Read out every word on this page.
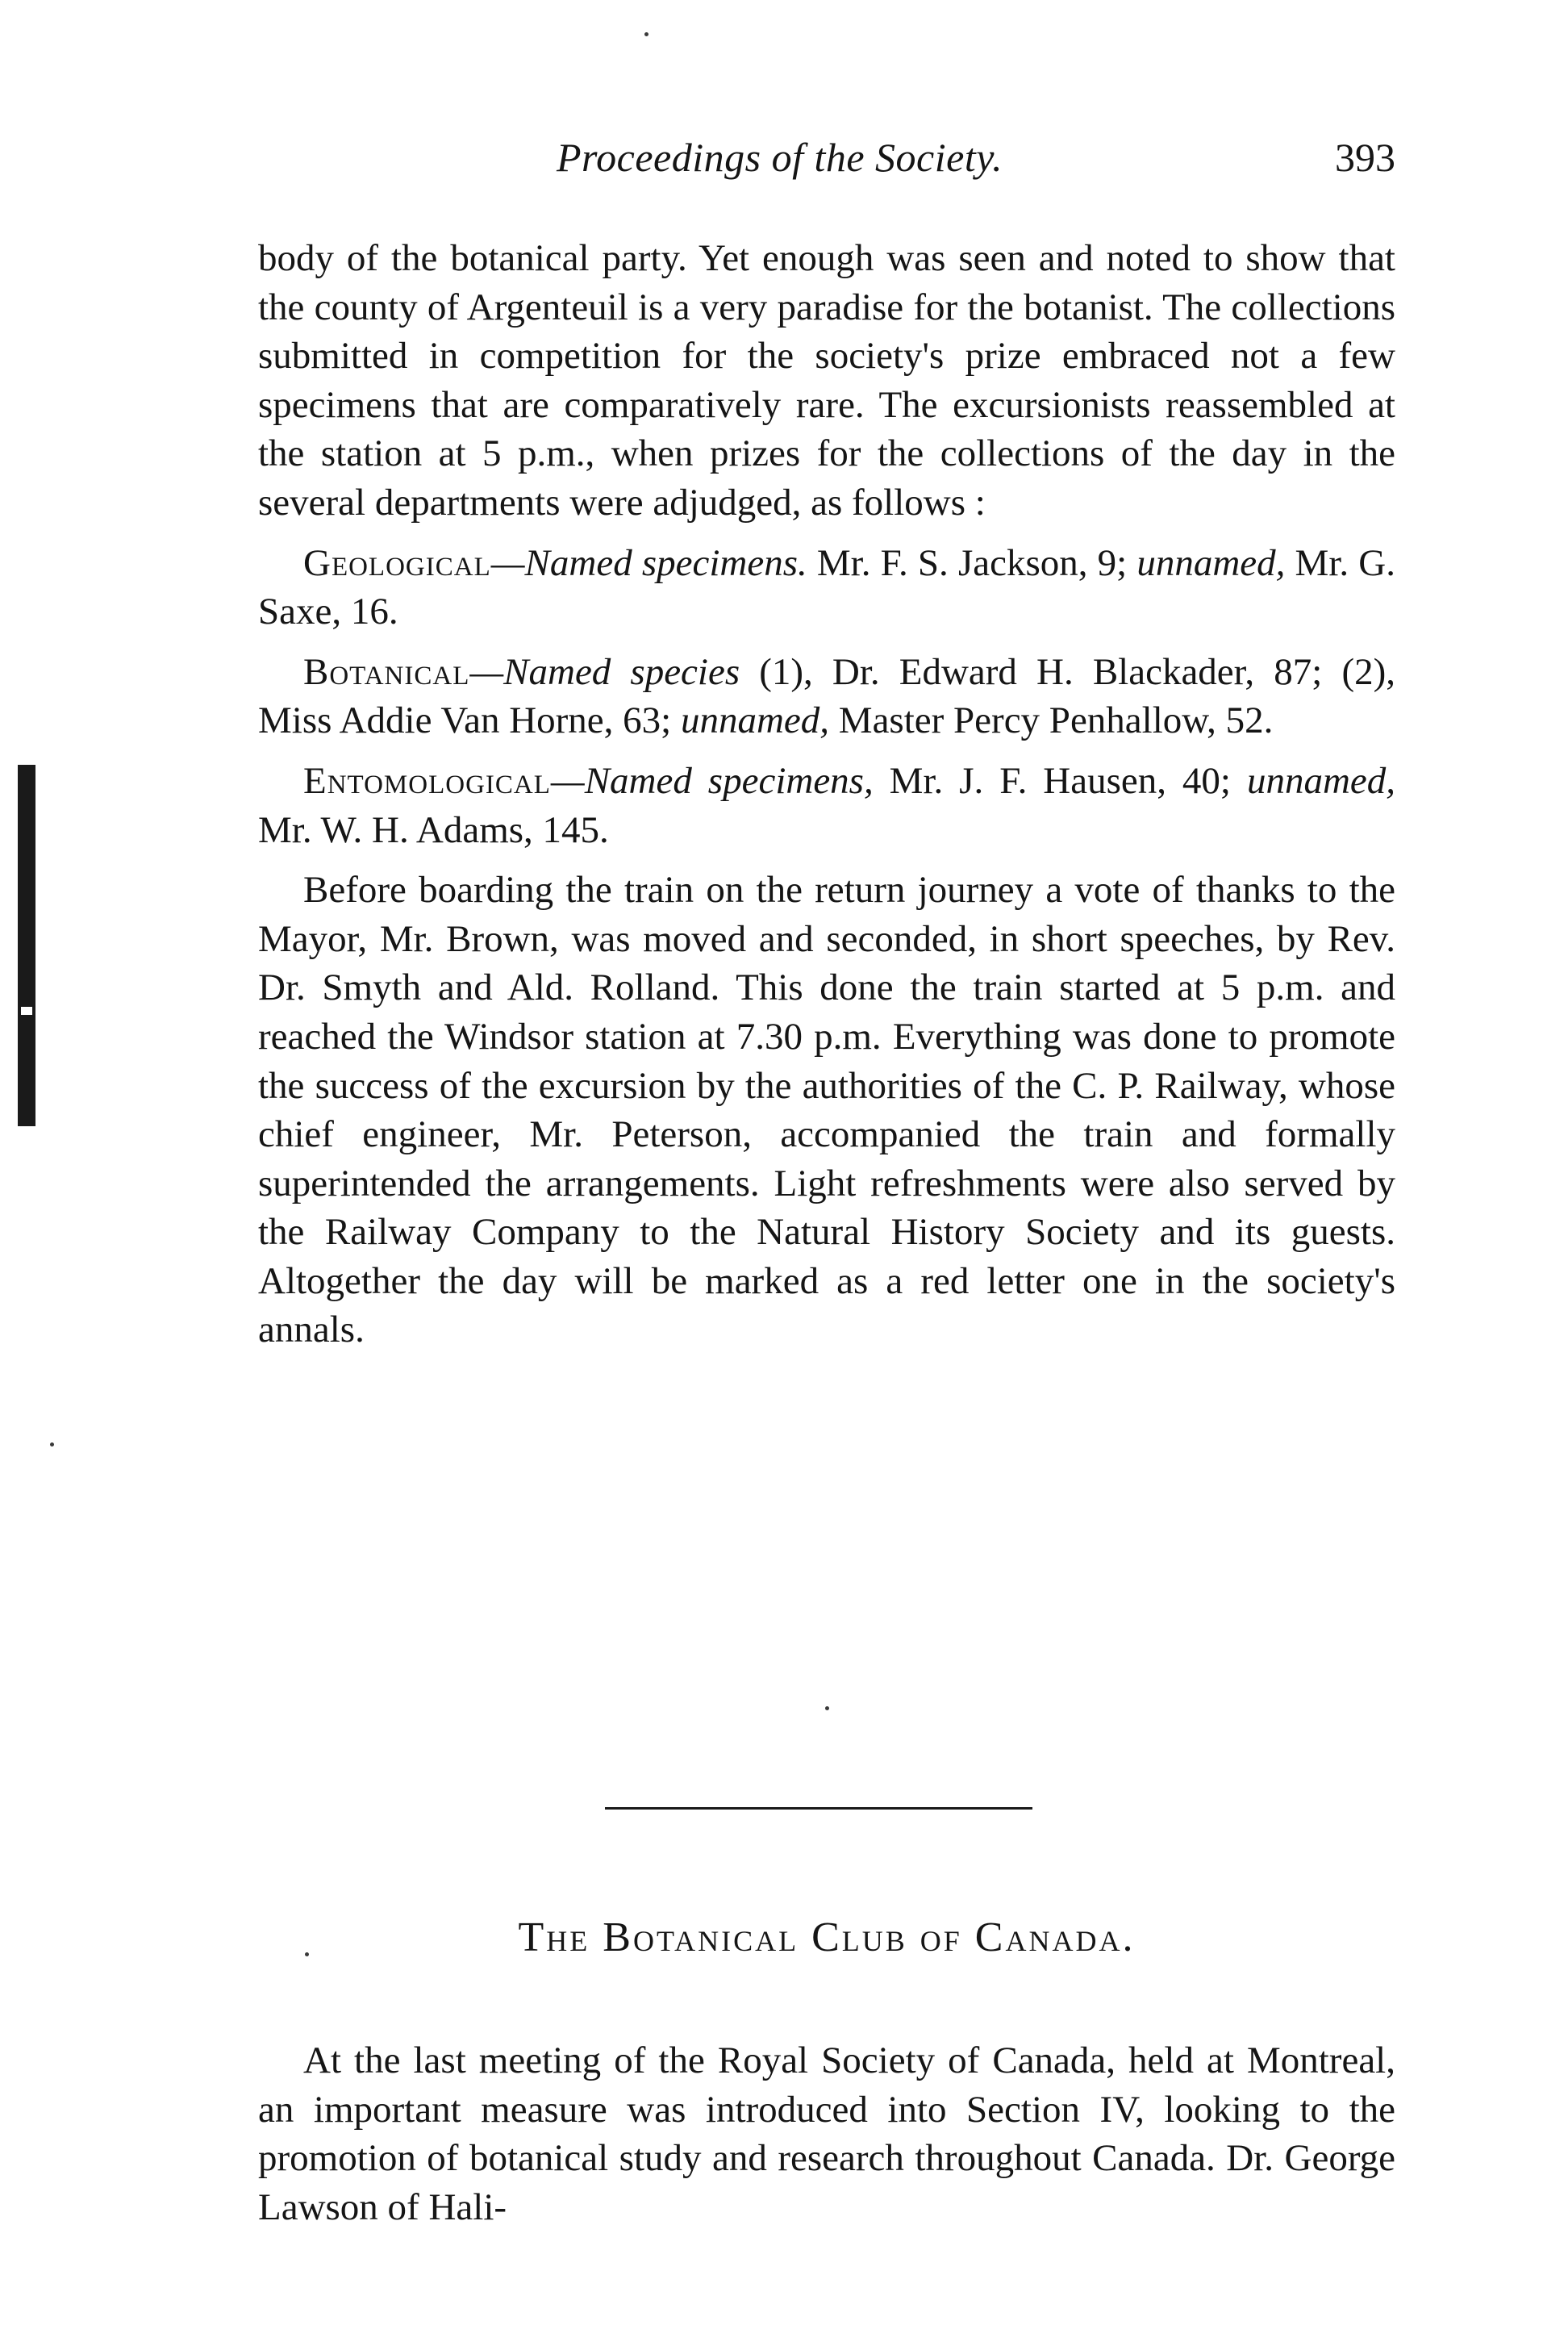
Proceedings of the Society.	393

body of the botanical party. Yet enough was seen and noted to show that the county of Argenteuil is a very paradise for the botanist. The collections submitted in competition for the society's prize embraced not a few specimens that are comparatively rare. The excursionists reassembled at the station at 5 p.m., when prizes for the collections of the day in the several departments were adjudged, as follows :

Geological—Named specimens. Mr. F. S. Jackson, 9; unnamed, Mr. G. Saxe, 16.

Botanical—Named species (1), Dr. Edward H. Blackader, 87; (2), Miss Addie Van Horne, 63; unnamed, Master Percy Penhallow, 52.

Entomological—Named specimens, Mr. J. F. Hausen, 40; unnamed, Mr. W. H. Adams, 145.

Before boarding the train on the return journey a vote of thanks to the Mayor, Mr. Brown, was moved and seconded, in short speeches, by Rev. Dr. Smyth and Ald. Rolland. This done the train started at 5 p.m. and reached the Windsor station at 7.30 p.m. Everything was done to promote the success of the excursion by the authorities of the C. P. Railway, whose chief engineer, Mr. Peterson, accompanied the train and formally superintended the arrangements. Light refreshments were also served by the Railway Company to the Natural History Society and its guests. Altogether the day will be marked as a red letter one in the society's annals.

The Botanical Club of Canada.

At the last meeting of the Royal Society of Canada, held at Montreal, an important measure was introduced into Section IV, looking to the promotion of botanical study and research throughout Canada. Dr. George Lawson of Hali-
